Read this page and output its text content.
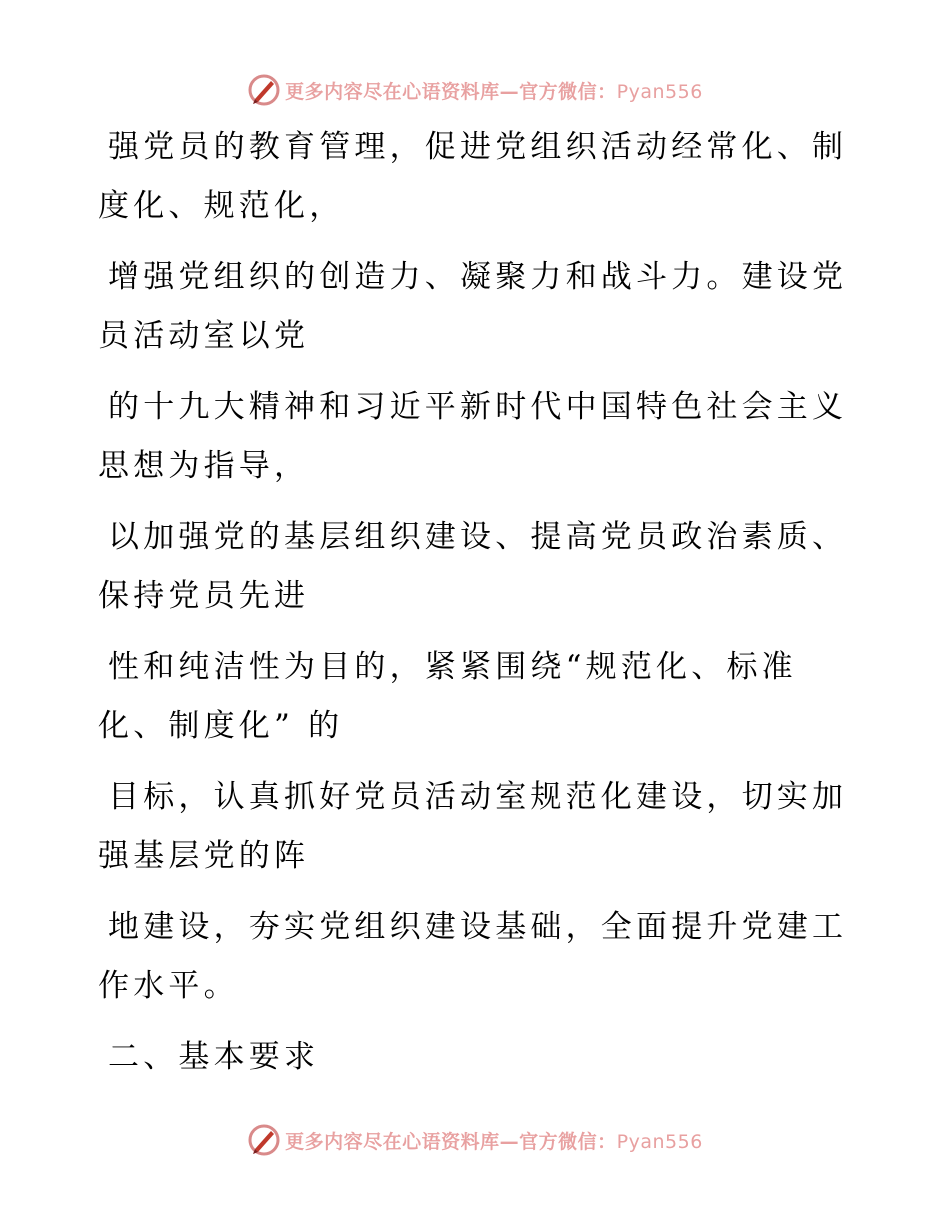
更多内容尽在心语资料库—官方微信：Pyan556
强党员的教育管理，促进党组织活动经常化、制
度化、规范化，
增强党组织的创造力、凝聚力和战斗力。建设党
员活动室以党
的十九大精神和习近平新时代中国特色社会主义
思想为指导，
以加强党的基层组织建设、提高党员政治素质、
保持党员先进
性和纯洁性为目的，紧紧围绕“规范化、标准
化、制度化” 的
目标，认真抓好党员活动室规范化建设，切实加
强基层党的阵
地建设，夯实党组织建设基础，全面提升党建工
作水平。
二、基本要求
更多内容尽在心语资料库—官方微信：Pyan556
